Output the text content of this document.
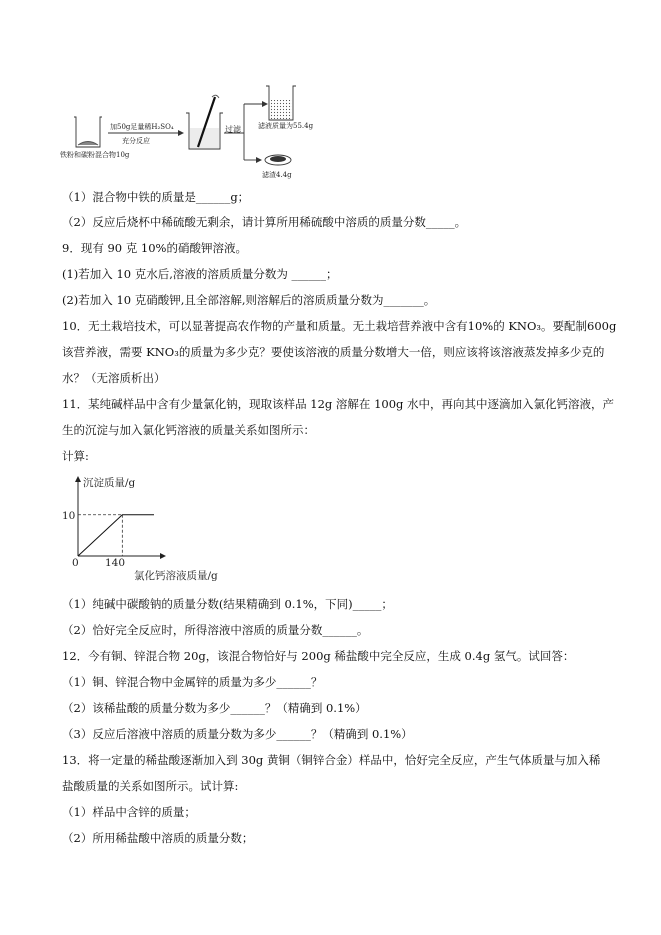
加50g足量稀H₂SO₄
充分反应
铁粉和碳粉混合物10g
过滤 滤液质量为55.4g
滤渣4.4g
（1）混合物中铁的质量是______g；
（2）反应后烧杯中稀硫酸无剩余，请计算所用稀硫酸中溶质的质量分数_____。
9．现有 90 克 10%的硝酸钾溶液。
(1)若加入 10 克水后,溶液的溶质质量分数为 ______；
(2)若加入 10 克硝酸钾,且全部溶解,则溶解后的溶质质量分数为_______。
10．无土栽培技术，可以显著提高农作物的产量和质量。无土栽培营养液中含有10%的 KNO₃。要配制600g
该营养液，需要 KNO₃的质量为多少克？要使该溶液的质量分数增大一倍，则应该将该溶液蒸发掉多少克的
水？（无溶质析出）
11．某纯碱样品中含有少量氯化钠，现取该样品 12g 溶解在 100g 水中，再向其中逐滴加入氯化钙溶液，产
生的沉淀与加入氯化钙溶液的质量关系如图所示：
计算:
沉淀质量/g
氯化钙溶液质量/g
10
140
0
（1）纯碱中碳酸钠的质量分数(结果精确到 0.1%，下同)_____；
（2）恰好完全反应时，所得溶液中溶质的质量分数______。
12．今有铜、锌混合物 20g，该混合物恰好与 200g 稀盐酸中完全反应，生成 0.4g 氢气。试回答：
（1）铜、锌混合物中金属锌的质量为多少______？
（2）该稀盐酸的质量分数为多少______？（精确到 0.1%）
（3）反应后溶液中溶质的质量分数为多少______？（精确到 0.1%）
13．将一定量的稀盐酸逐渐加入到 30g 黄铜（铜锌合金）样品中，恰好完全反应，产生气体质量与加入稀
盐酸质量的关系如图所示。试计算:
（1）样品中含锌的质量；
（2）所用稀盐酸中溶质的质量分数；
